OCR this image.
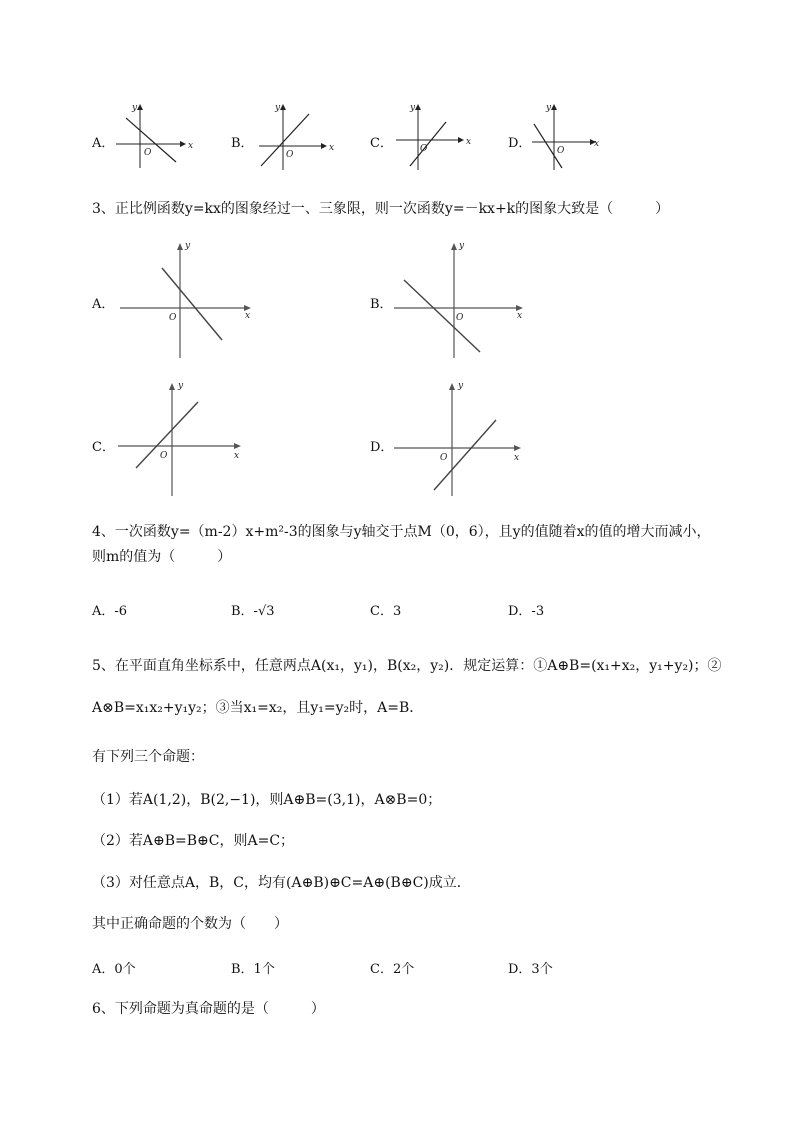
A．	x
y
O
B．	x
y
O
C．	x
y
O	D．	x
y
O
3、正比例函数y=kx的图象经过一、三象限，则一次函数y=－kx+k的图象大致是（　　　）
A．
x
y
O
B．
x
y
O
C．
x
y
O
D．
x
y
O
4、一次函数y=（m-2）x+m²-3的图象与y轴交于点M（0，6），且y的值随着x的值的增大而减小，
则m的值为（　　　）
A．-6	B．-√3	C．3	D．-3
5、在平面直角坐标系中，任意两点A(x₁，y₁)，B(x₂，y₂)．规定运算：①A⊕B=(x₁+x₂，y₁+y₂)；②
A⊗B=x₁x₂+y₁y₂；③当x₁=x₂，且y₁=y₂时，A=B．
有下列三个命题：
（1）若A(1,2)，B(2,−1)，则A⊕B=(3,1)，A⊗B=0；
（2）若A⊕B=B⊕C，则A=C；
（3）对任意点A，B，C，均有(A⊕B)⊕C=A⊕(B⊕C)成立．
其中正确命题的个数为（　　）
A．0个	B．1个	C．2个	D．3个
6、下列命题为真命题的是（　　　）
